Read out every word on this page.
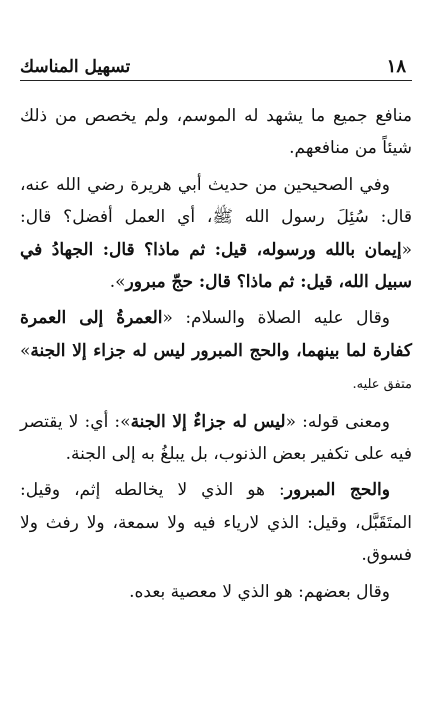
تسهيل المناسك	١٨

منافع جميع ما يشهد له الموسم، ولم يخصص من ذلك شيئاً من منافعهم.

وفي الصحيحين من حديث أبي هريرة رضي الله عنه، قال: سُئِلَ رسول الله ﷺ، أي العمل أفضل؟ قال: «إيمان بالله ورسوله، قيل: ثم ماذا؟ قال: الجهادُ في سبيل الله، قيل: ثم ماذا؟ قال: حجّ مبرور».

وقال عليه الصلاة والسلام: «العمرةُ إلى العمرة كفارة لما بينهما، والحج المبرور ليس له جزاء إلا الجنة» متفق عليه.

ومعنى قوله: «ليس له جزاءٌ إلا الجنة»: أي: لا يقتصر فيه على تكفير بعض الذنوب، بل يبلغُ به إلى الجنة.

والحج المبرور: هو الذي لا يخالطه إثم، وقيل: المتَقَبَّل، وقيل: الذي لارياء فيه ولا سمعة، ولا رفث ولا فسوق.

وقال بعضهم: هو الذي لا معصية بعده.
